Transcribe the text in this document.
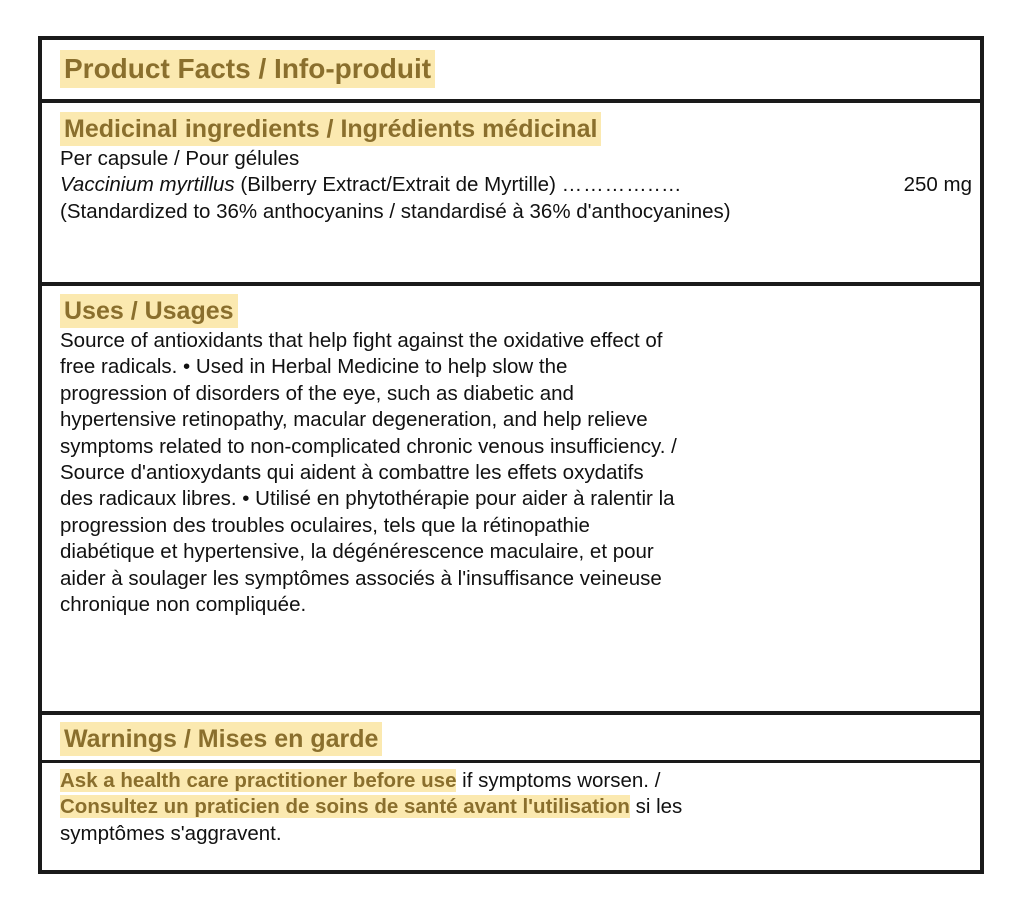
Product Facts / Info-produit
Medicinal ingredients / Ingrédients médicinal
Per capsule / Pour gélules
Vaccinium myrtillus (Bilberry Extract/Extrait de Myrtille) …………..…	250 mg
(Standardized to 36% anthocyanins / standardisé à 36% d'anthocyanines)
Uses / Usages
Source of antioxidants that help fight against the oxidative effect of
free radicals. • Used in Herbal Medicine to help slow the
progression of disorders of the eye, such as diabetic and
hypertensive retinopathy, macular degeneration, and help relieve
symptoms related to non-complicated chronic venous insufficiency. /
Source d'antioxydants qui aident à combattre les effets oxydatifs
des radicaux libres. • Utilisé en phytothérapie pour aider à ralentir la
progression des troubles oculaires, tels que la rétinopathie
diabétique et hypertensive, la dégénérescence maculaire, et pour
aider à soulager les symptômes associés à l'insuffisance veineuse
chronique non compliquée.
Warnings / Mises en garde
Ask a health care practitioner before use if symptoms worsen. /
Consultez un praticien de soins de santé avant l'utilisation si les
symptômes s'aggravent.
